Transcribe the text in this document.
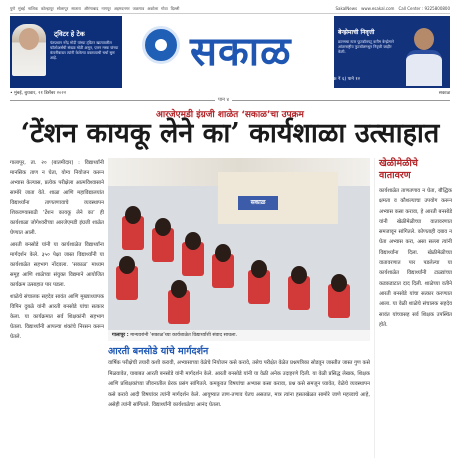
पुणे मुंबई नाशिक कोल्हापूर सोलापूर सातारा औरंगाबाद नागपूर अहमदनगर जळगाव अकोला गोवा दिल्ली	SakalNews www.esakal.com Call Center : 9225800800
ट्विटर हे टेक
पंतप्रधान नरेंद्र मोदी यांच्या ट्विटर खात्यावरील फॉलोअर्सची संख्या मोठी असून, एलन मस्क यांच्या कंपनीबाबत त्यांनी केलेल्या वक्तव्याची चर्चा सुरू आहे.	सकाळ	बेन्झेमाची निवृत्ती
फ्रान्सचा स्टार फुटबॉलपटू करीम बेन्झेमाने आंतरराष्ट्रीय फुटबॉलमधून निवृत्ती जाहीर केली.
पान १०	किंमत ₹ ५ (आजच्या अंक ₹ ६) पाने १२
• मुंबई, बुधवार, २१ डिसेंबर २०२२	सकाळ
पान ४
आरजेएमडी इंग्रजी शाळेत ‘सकाळ’चा उपक्रम
‘टेंशन कायकू लेने का’ कार्यशाळा उत्साहात

गालापूर, ता. २० (बातमीदार) : विद्यार्थ्यांनी मानसिक ताण न घेता, योग्य नियोजन करून अभ्यास केल्यास, प्रत्येक परीक्षेला आत्मविश्वासाने सामोरे जाता येते. शाळा आणि महाविद्यालयांत विद्यार्थ्यांना ताणतणावाचे व्यवस्थापन शिकवण्यासाठी ‘टेंशन कायकू लेने का’ ही कार्यशाळा जोगेश्वरीच्या आरजेएमडी इंग्रजी शाळेत घेण्यात आली.

आरती बनसोडे यांनी या कार्यशाळेत विद्यार्थ्यांना मार्गदर्शन केले. ३५० पेक्षा जास्त विद्यार्थ्यांनी या कार्यशाळेत सहभाग नोंदवला. ‘सकाळ’ माध्यम समूह आणि शाळेच्या संयुक्त विद्यमाने आयोजित कार्यक्रम उत्साहात पार पडला.

शाळेचे संचालक सहदेव सावंत आणि मुख्याध्यापक विपिन दुबळे यांनी आरती बनसोडे यांचा सत्कार केला. या कार्यक्रमात सर्व शिक्षकांनी सहभाग घेतला. विद्यार्थ्यांनी आपल्या शंकांचे निरसन करून घेतले.

सकाळ
गालापूर : मान्यवरांनी ‘सकाळ’च्या कार्यशाळेत विद्यार्थ्यांशी संवाद साधला.
आरती बनसोडे यांचे मार्गदर्शन
वार्षिक परीक्षेची तयारी कशी करावी, अभ्यासाच्या वेळेचे नियोजन कसे करावे, तसेच परीक्षेत वेळेत प्रश्नपत्रिका सोडवून जास्तीत जास्त गुण कसे मिळवावेत, याबाबत आरती बनसोडे यांनी मार्गदर्शन केले. आरती बनसोडे यांनी या वेळी अनेक उदाहरणे दिली. या वेळी प्रसिद्ध लेखक, शिक्षक आणि प्रशिक्षकांच्या जीवनातील प्रेरक प्रसंग सांगितले. कमकुवत विषयांचा अभ्यास कसा करावा, प्रश्न कसे समजून घ्यावेत, वेळेचे व्यवस्थापन कसे करावे आदी विषयांवर त्यांनी मार्गदर्शन केले. आयुष्यात ताण-तणाव येतच असतात, मात्र त्यांना हसतखेळत सामोरे जाणे महत्त्वाचे आहे, असेही त्यांनी सांगितले. विद्यार्थ्यांनी कार्यशाळेचा आनंद घेतला.
खेळीमेळीचे वातावरण
कार्यशाळेत ताणतणाव न घेता, बौद्धिक क्षमता व कौशल्याचा उपयोग करून अभ्यास कसा करावा, हे आरती बनसोडे यांनी खेळीमेळीच्या वातावरणात समजावून सांगितले. कोणताही दबाव न घेता अभ्यास करा, असा सल्ला त्यांनी विद्यार्थ्यांना दिला. खेळीमेळीच्या वातावरणात पार पडलेल्या या कार्यशाळेत विद्यार्थ्यांनी टाळ्यांच्या कडकडाटात दाद दिली. शाळेच्या वतीने आरती बनसोडे यांचा सत्कार करण्यात आला. या वेळी शाळेचे संचालक सहदेव सावंत यांच्यासह सर्व शिक्षक उपस्थित होते.
